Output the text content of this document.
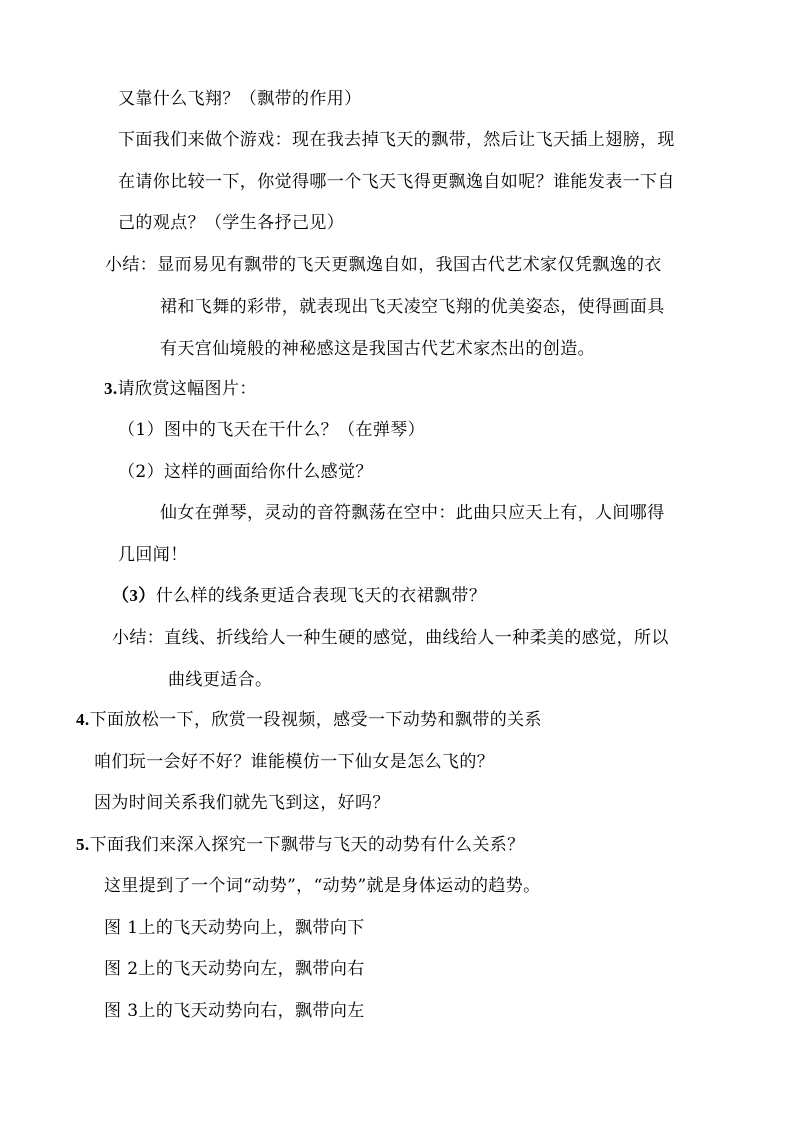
又靠什么飞翔？（飘带的作用）
下面我们来做个游戏：现在我去掉飞天的飘带，然后让飞天插上翅膀，现
在请你比较一下，你觉得哪一个飞天飞得更飘逸自如呢？谁能发表一下自
己的观点？（学生各抒己见）
小结：显而易见有飘带的飞天更飘逸自如，我国古代艺术家仅凭飘逸的衣
裙和飞舞的彩带，就表现出飞天凌空飞翔的优美姿态，使得画面具
有天宫仙境般的神秘感这是我国古代艺术家杰出的创造。
3.请欣赏这幅图片：
（1）图中的飞天在干什么？（在弹琴）
（2）这样的画面给你什么感觉？
仙女在弹琴，灵动的音符飘荡在空中：此曲只应天上有，人间哪得
几回闻！
（3）什么样的线条更适合表现飞天的衣裙飘带？
小结：直线、折线给人一种生硬的感觉，曲线给人一种柔美的感觉，所以
曲线更适合。
4.下面放松一下，欣赏一段视频，感受一下动势和飘带的关系
咱们玩一会好不好？谁能模仿一下仙女是怎么飞的？
因为时间关系我们就先飞到这，好吗？
5.下面我们来深入探究一下飘带与飞天的动势有什么关系？
这里提到了一个词“动势”，“动势”就是身体运动的趋势。
图 1上的飞天动势向上，飘带向下
图 2上的飞天动势向左，飘带向右
图 3上的飞天动势向右，飘带向左
